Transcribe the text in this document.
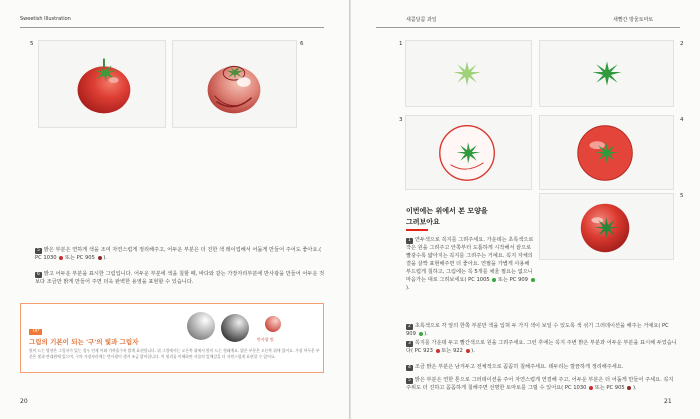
Sweetish Illustration
5	6

5 밝은 부분은 연하게 색을 조여 자연스럽게 정리해주고, 어두운 부분은 더 진한 색 레이업해서 어둡게 만들어 주어도 좋아요.( PC 1030  또는 PC 905  ).

6 밝고 어두운 부분을 표시한 그림입니다. 어두운 부분에 색을 칠할 때, 바다와 같는 가장자리부분에 반사광을 만들어 어두운 것보다 조금만 밝게 만들어 주면 더욱 완벽한 용영을 표현할 수 있습니다.

TIP
그림의 기본이 되는 '구'의 빛과 그림자	반사광 빛

빛이 드는 방향은 그림자가 있는 경우 언제 이와 가까울수록 밝게 표현합니다. 위 그림에서는 오른쪽 위에서 빛이 드는 형태예요. 밝은 부분은 오른쪽 위에 있어요. 가장 어두운 부분은 빛과 반대편에 있으며, 구의 가장자리에는 반사광이 생겨 조금 밝아집니다. 이 원리를 이해하면 사물의 입체감을 더 자연스럽게 표현할 수 있어요.

20
새콤달콤 과일	새빨간 방울토마토
1	2
3	4
5

이번에는 위에서 본 모양을
그려보아요

1 연두색으로 꼭지를 그려주세요. 가운데는 초록색으로 작은 원을 그려주고 안쪽부터 도톰하게 시작해서 끝으로 빨갛수록 얇아지는 꼭지를 그려주는 거예요. 꼭지 자체의 결을 살짝 표현해주면 더 좋아요. 연필을 가볍게 사용해 부드럽게 칠하고, 그림에는 꼭 5개를 채울 필요는 없으니 마음가는 대로 그려보세요( PC 1005  또는 PC 909  ).

2 초록색으로 각 앞의 한쪽 부분만 색을 입혀 두 가지 색이 보일 수 있도록 색 섞기 그러데이션을 해주는 거예요( PC 909  ).

3 꼭지를 가운데 두고 빨간색으로 원을 그려주세요. 그런 후에는 꼭지 주변 밝은 부분과 어두운 부분을 표시해 두었습니다( PC 923  또는 922  ).

4 조금 밝은 부분은 남겨두고 전체적으로 꼼꼼히 칠해주세요. 테두리는 깔끔하게 정리해주세요.

5 밝은 부분은 연한 톤으로 그러데이션을 주어 자연스럽게 연결해 주고, 어두운 부분은 더 어둡게 만들어 주세요. 꼭지 주위도 더 진하고 꼼꼼하게 칠해주면 선명한 토마토를 그릴 수 있어요( PC 1030  또는 PC 905  ).

21
